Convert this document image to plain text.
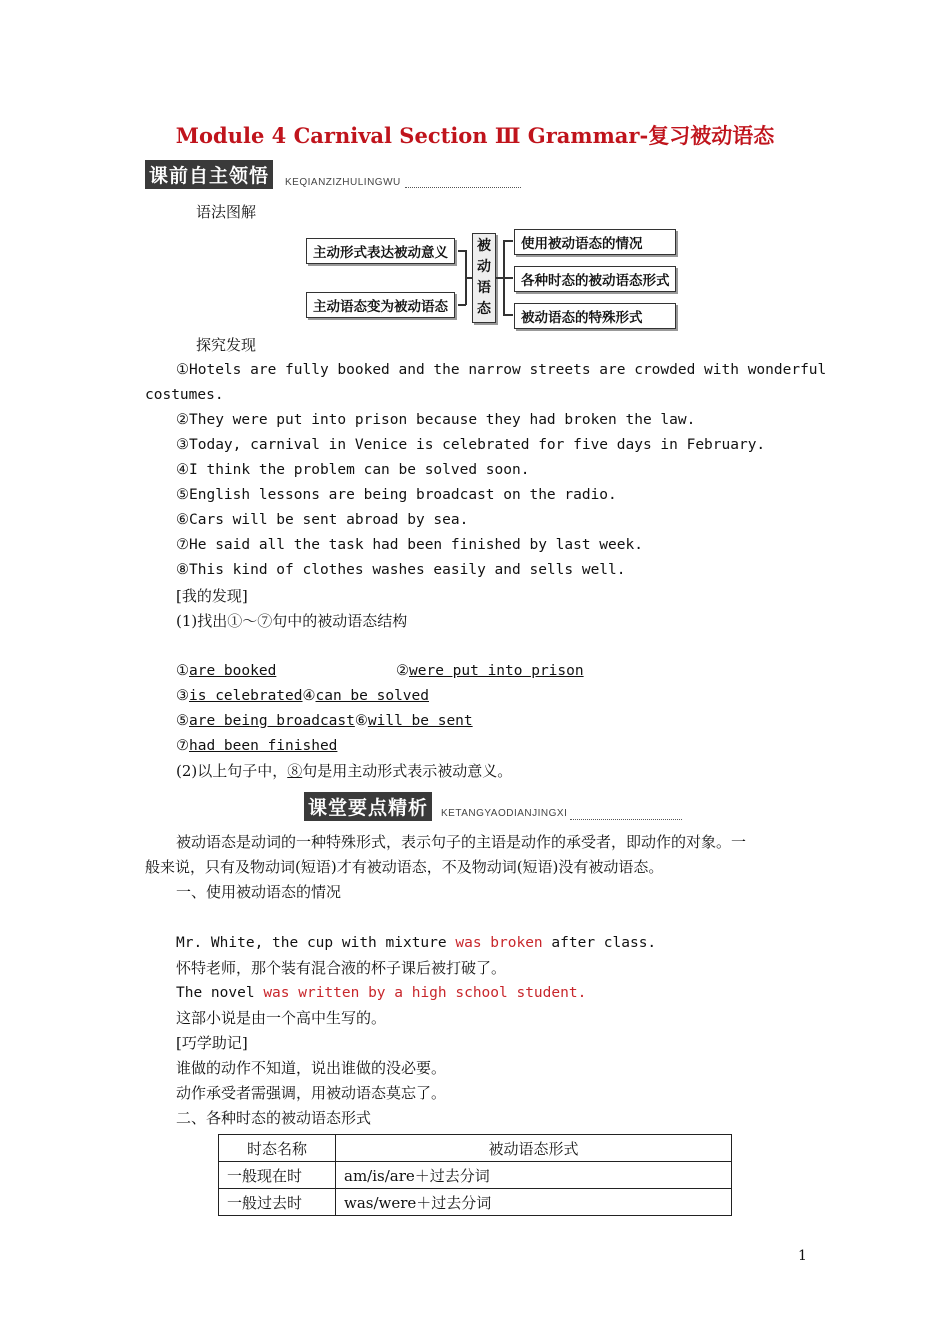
Module 4 Carnival Section Ⅲ Grammar-复习被动语态
课前自主领悟	KEQIANZIZHULINGWU
语法图解
主动形式表达被动意义
主动语态变为被动语态
被
动
语
态
使用被动语态的情况
各种时态的被动语态形式
被动语态的特殊形式
探究发现
①Hotels are fully booked and the narrow streets are crowded with wonderful
costumes.
②They were put into prison because they had broken the law.
③Today, carnival in Venice is celebrated for five days in February.
④I think the problem can be solved soon.
⑤English lessons are being broadcast on the radio.
⑥Cars will be sent abroad by sea.
⑦He said all the task had been finished by last week.
⑧This kind of clothes washes easily and sells well.
[我的发现]
(1)找出①～⑦句中的被动语态结构
①are booked	②were put into prison
③is celebrated④can be solved
⑤are being broadcast⑥will be sent
⑦had been finished
(2)以上句子中，⑧句是用主动形式表示被动意义。
课堂要点精析	KETANGYAODIANJINGXI
被动语态是动词的一种特殊形式，表示句子的主语是动作的承受者，即动作的对象。一
般来说，只有及物动词(短语)才有被动语态，不及物动词(短语)没有被动语态。
一、使用被动语态的情况
Mr. White, the cup with mixture was broken after class.
怀特老师，那个装有混合液的杯子课后被打破了。
The novel was written by a high school student.
这部小说是由一个高中生写的。
[巧学助记]
谁做的动作不知道，说出谁做的没必要。
动作承受者需强调，用被动语态莫忘了。
二、各种时态的被动语态形式
时态名称	被动语态形式
一般现在时	am/is/are＋过去分词
一般过去时	was/were＋过去分词
1
